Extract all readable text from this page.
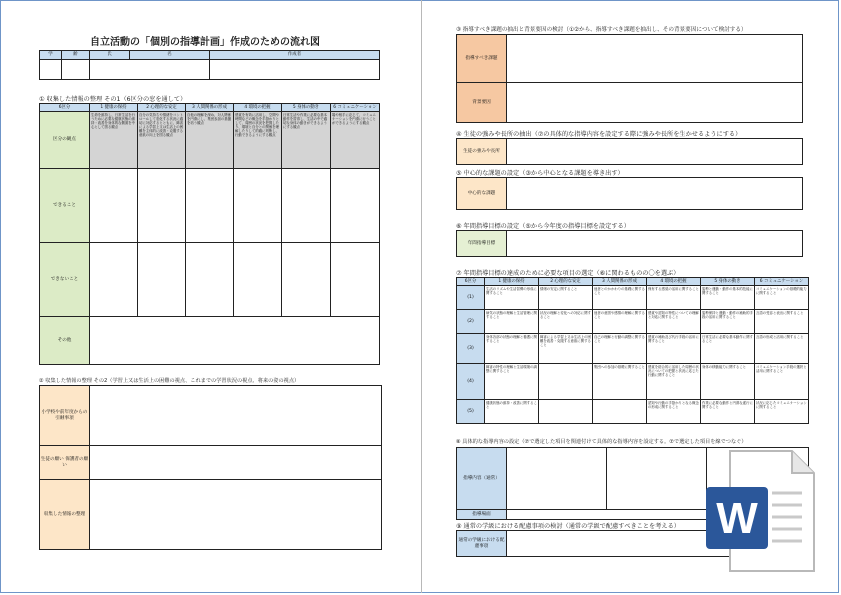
自立活動の「個別の指導計画」作成のための流れ図
学	齢	氏	名	作成者

① 収集した情報の整理 その1（6区分の窓を通して）
6区分	1 健康の保持	2 心理的な安定	3 人間関係の形成	4 環境の把握	5 身体の動き	6 コミュニケーション
区分の観点	生命を維持し、日常生活を行うために必要な健康状態の維持・改善を身体的な側面を中心として図る観点	自分の気持ちや情緒をコントロールして変化する状況に適切に対応するとともに、障害による学習上又は生活上の困難を主体的に改善・克服する意欲の向上を図る観点	自他の理解を深め、対人関係を円滑にし、集団参加の基盤を培う観点	感覚を有効に活用し、空間や時間などの概念を手掛かりとして、周囲の状況を把握したり、環境と自分との関係を理解したりして的確に判断し、行動できるようにする観点	日常生活や作業に必要な基本動作を習得し、生活の中で適切な身体の動きができるようにする観点	場や相手に応じて、コミュニケーションを円滑に行うことができるようにする観点
できること						
できないこと						
その他						
② 収集した情報の整理 その2（学習上又は生活上の困難の視点、これまでの学習状況の視点、将来の姿の視点）
小学校や前年度からの引継事項	
生徒の願い 保護者の願い	
収集した情報の整理	
③ 指導すべき課題の抽出と背景要因の検討（①②から、指導すべき課題を抽出し、その背景要因について検討する）
指導すべき課題	
背景要因	
④ 生徒の強みや長所の抽出（⑦の具体的な指導内容を設定する際に強みや長所を生かせるようにする）
生徒の強みや長所	
⑤ 中心的な課題の設定（③から中心となる課題を導き出す）
中心的な課題	
⑥ 年間指導目標の設定（⑤から今年度の指導目標を設定する）
年間指導目標	
⑦ 年間指導目標の達成のために必要な項目の選定（⑥に関わるものの〇を選ぶ）
6区分	1 健康の保持	2 心理的な安定	3 人間関係の形成	4 環境の把握	5 身体の動き	6 コミュニケーション
(1)	生活のリズムや生活習慣の形成に関すること	情緒の安定に関すること	他者とのかかわりの基礎に関すること	保有する感覚の活用に関すること	姿勢と運動・動作の基本的技能に関すること	コミュニケーションの基礎的能力に関すること
(2)	病気の状態の理解と生活管理に関すること	状況の理解と変化への対応に関すること	他者の意図や感情の理解に関すること	感覚や認知の特性についての理解と対応に関すること	姿勢保持と運動・動作の補助的手段の活用に関すること	言語の受容と表出に関すること
(3)	身体各部の状態の理解と養護に関すること	障害による学習上又は生活上の困難を改善・克服する意欲に関すること	自己の理解と行動の調整に関すること	感覚の補助及び代行手段の活用に関すること	日常生活に必要な基本動作に関すること	言語の形成と活用に関すること
(4)	障害の特性の理解と生活環境の調整に関すること		集団への参加の基礎に関すること	感覚を総合的に活用した周囲の状況についての把握と状況に応じた行動に関すること	身体の移動能力に関すること	コミュニケーション手段の選択と活用に関すること
(5)	健康状態の維持・改善に関すること			認知や行動の手掛かりとなる概念の形成に関すること	作業に必要な動作と円滑な遂行に関すること	状況に応じたコミュニケーションに関すること
⑧ 具体的な指導内容の設定（⑦で選定した項目を関連付けて具体的な指導内容を設定する。⑦で選定した項目を線でつなぐ）
指導内容（通常）			
指導場面			
⑨ 通常の学級における配慮事項の検討（通常の学級で配慮すべきことを考える）
通常の学級における配慮事項	
W
